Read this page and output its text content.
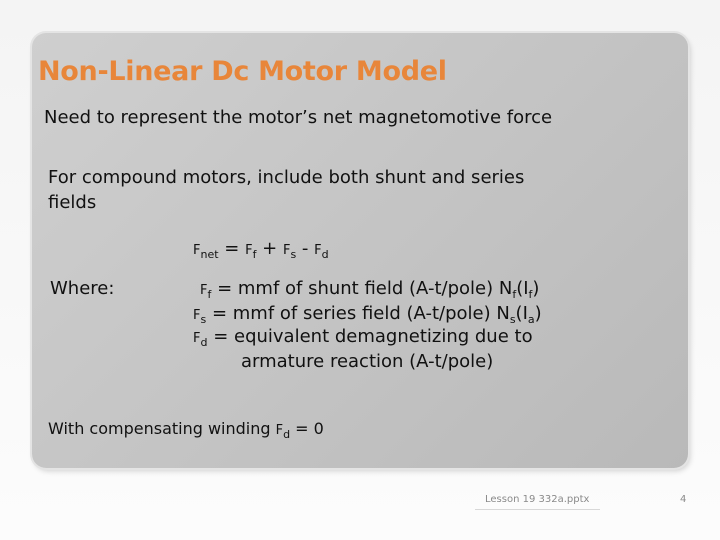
Non-Linear Dc Motor Model
Need to represent the motor’s net magnetomotive force
For compound motors, include both shunt and series
fields
$F_{net} = F_f + F_s - F_d$
Where:	$F_f$ = mmf of shunt field (A-t/pole) $N_f(I_f)$
$F_s$ = mmf of series field (A-t/pole) $N_s(I_a)$
$F_d$ = equivalent demagnetizing due to
armature reaction (A-t/pole)
With compensating winding $F_d = 0$
Lesson 19 332a.pptx	4
